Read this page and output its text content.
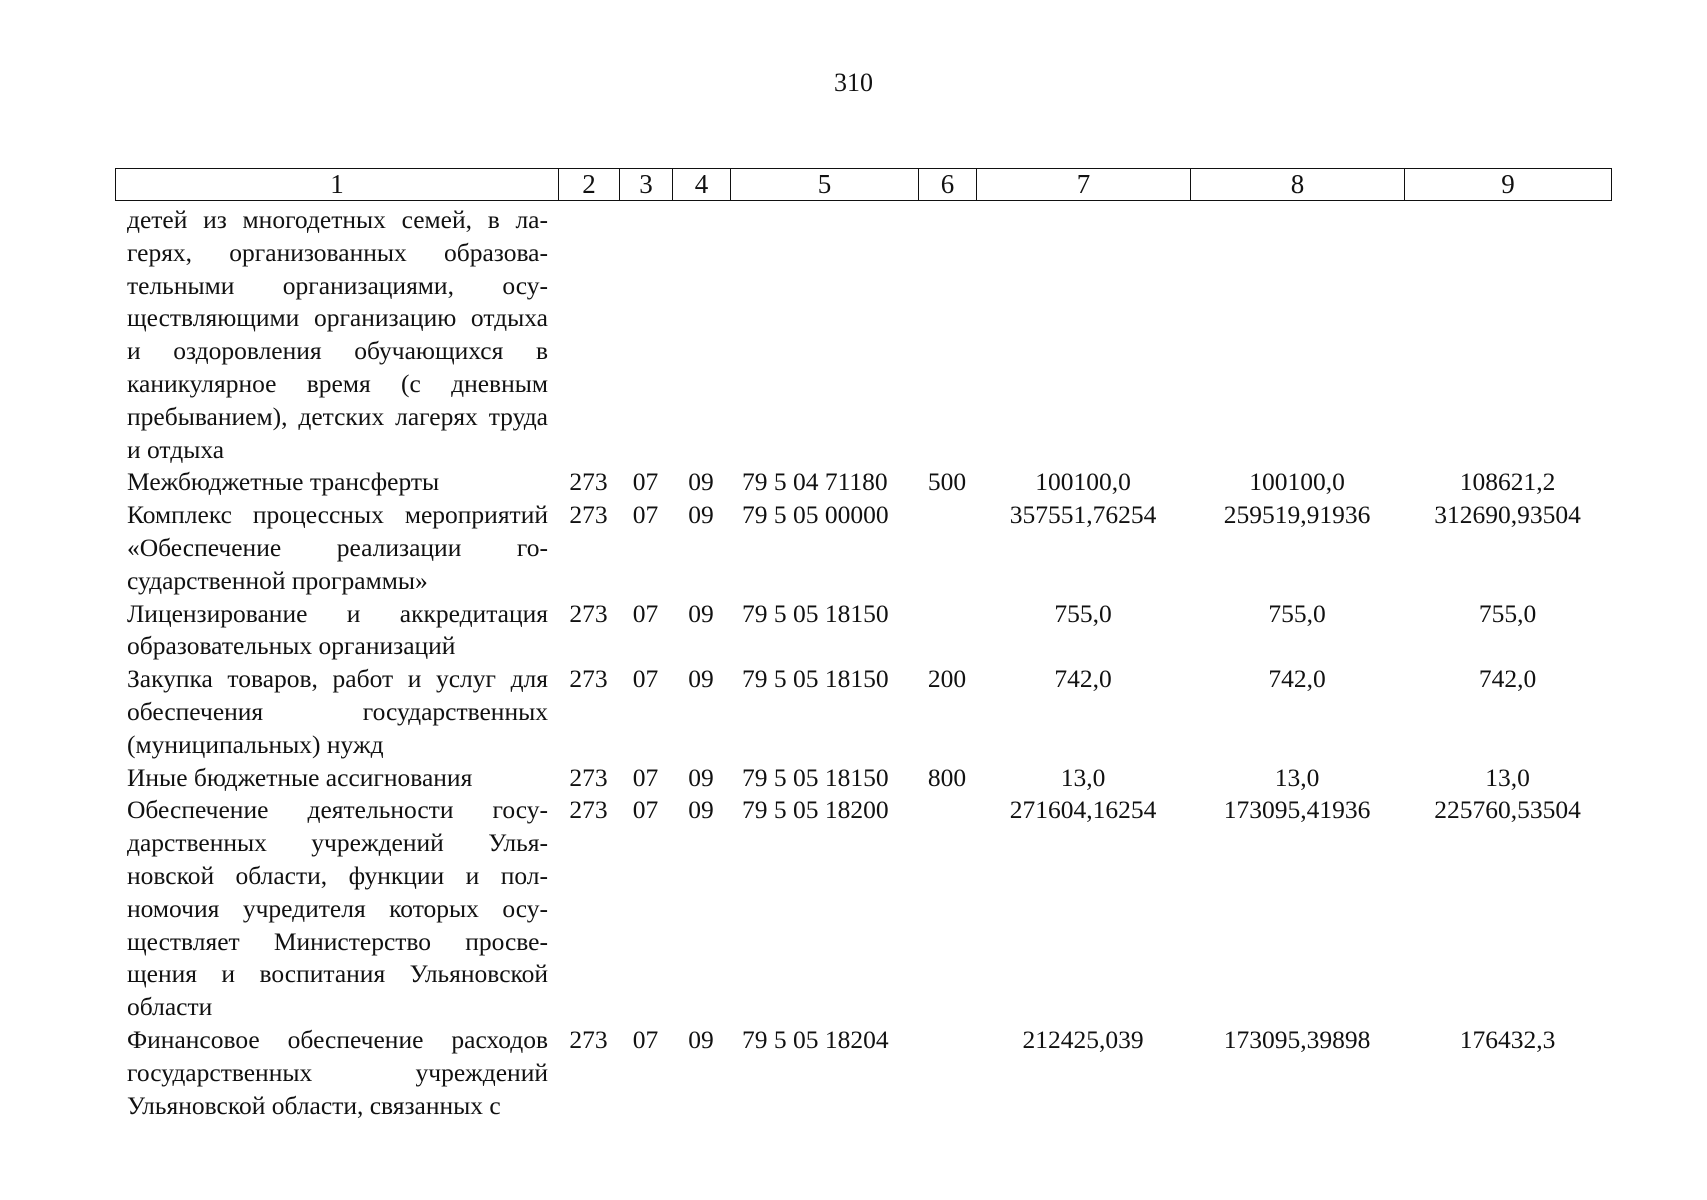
310
1	2	3	4	5	6	7	8	9
детей из многодетных семей, в лагерях, организованных образовательными организациями, осуществляющими организацию отдыха и оздоровления обучающихся в каникулярное время (с дневным пребыванием), детских лагерях труда и отдыха								
Межбюджетные трансферты	273	07	09	79 5 04 71180	500	100100,0	100100,0	108621,2
Комплекс процессных мероприятий «Обеспечение реализации государственной программы»	273	07	09	79 5 05 00000		357551,76254	259519,91936	312690,93504
Лицензирование и аккредитация образовательных организаций	273	07	09	79 5 05 18150		755,0	755,0	755,0
Закупка товаров, работ и услуг для обеспечения государственных (муниципальных) нужд	273	07	09	79 5 05 18150	200	742,0	742,0	742,0
Иные бюджетные ассигнования	273	07	09	79 5 05 18150	800	13,0	13,0	13,0
Обеспечение деятельности государственных учреждений Ульяновской области, функции и полномочия учредителя которых осуществляет Министерство просвещения и воспитания Ульяновской области	273	07	09	79 5 05 18200		271604,16254	173095,41936	225760,53504
Финансовое обеспечение расходов государственных учреждений Ульяновской области, связанных с	273	07	09	79 5 05 18204		212425,039	173095,39898	176432,3
